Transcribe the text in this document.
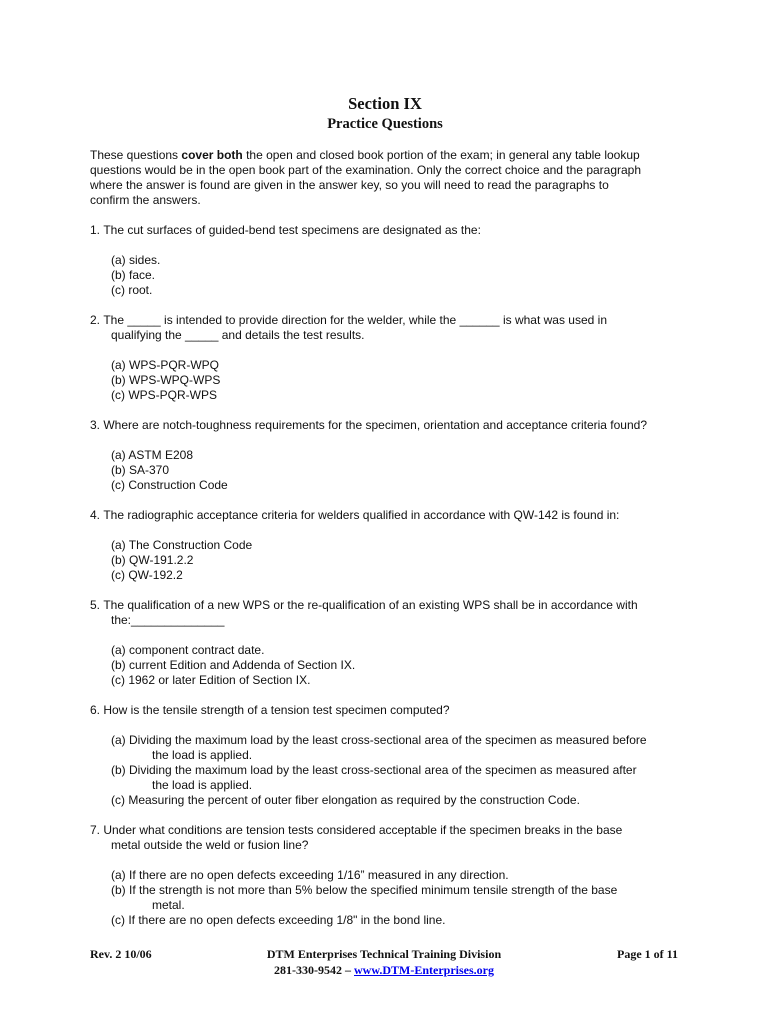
Section IX
Practice Questions

These questions cover both the open and closed book portion of the exam; in general any table lookup

questions would be in the open book part of the examination. Only the correct choice and the paragraph

where the answer is found are given in the answer key, so you will need to read the paragraphs to

confirm the answers.

1. The cut surfaces of guided-bend test specimens are designated as the:
(a) sides.
(b) face.
(c) root.
2. The _____ is intended to provide direction for the welder, while the ______ is what was used in
qualifying the _____ and details the test results.
(a) WPS-PQR-WPQ
(b) WPS-WPQ-WPS
(c) WPS-PQR-WPS
3. Where are notch-toughness requirements for the specimen, orientation and acceptance criteria found?
(a) ASTM E208
(b) SA-370
(c) Construction Code
4. The radiographic acceptance criteria for welders qualified in accordance with QW-142 is found in:
(a) The Construction Code
(b) QW-191.2.2
(c) QW-192.2
5. The qualification of a new WPS or the re-qualification of an existing WPS shall be in accordance with
the:______________
(a) component contract date.
(b) current Edition and Addenda of Section IX.
(c) 1962 or later Edition of Section IX.
6. How is the tensile strength of a tension test specimen computed?
(a) Dividing the maximum load by the least cross-sectional area of the specimen as measured before
the load is applied.
(b) Dividing the maximum load by the least cross-sectional area of the specimen as measured after
the load is applied.
(c) Measuring the percent of outer fiber elongation as required by the construction Code.
7. Under what conditions are tension tests considered acceptable if the specimen breaks in the base
metal outside the weld or fusion line?
(a) If there are no open defects exceeding 1/16” measured in any direction.
(b) If the strength is not more than 5% below the specified minimum tensile strength of the base
metal.
(c) If there are no open defects exceeding 1/8" in the bond line.
Rev. 2 10/06	DTM Enterprises Technical Training Division	Page 1 of 11
281-330-9542 – www.DTM-Enterprises.org
